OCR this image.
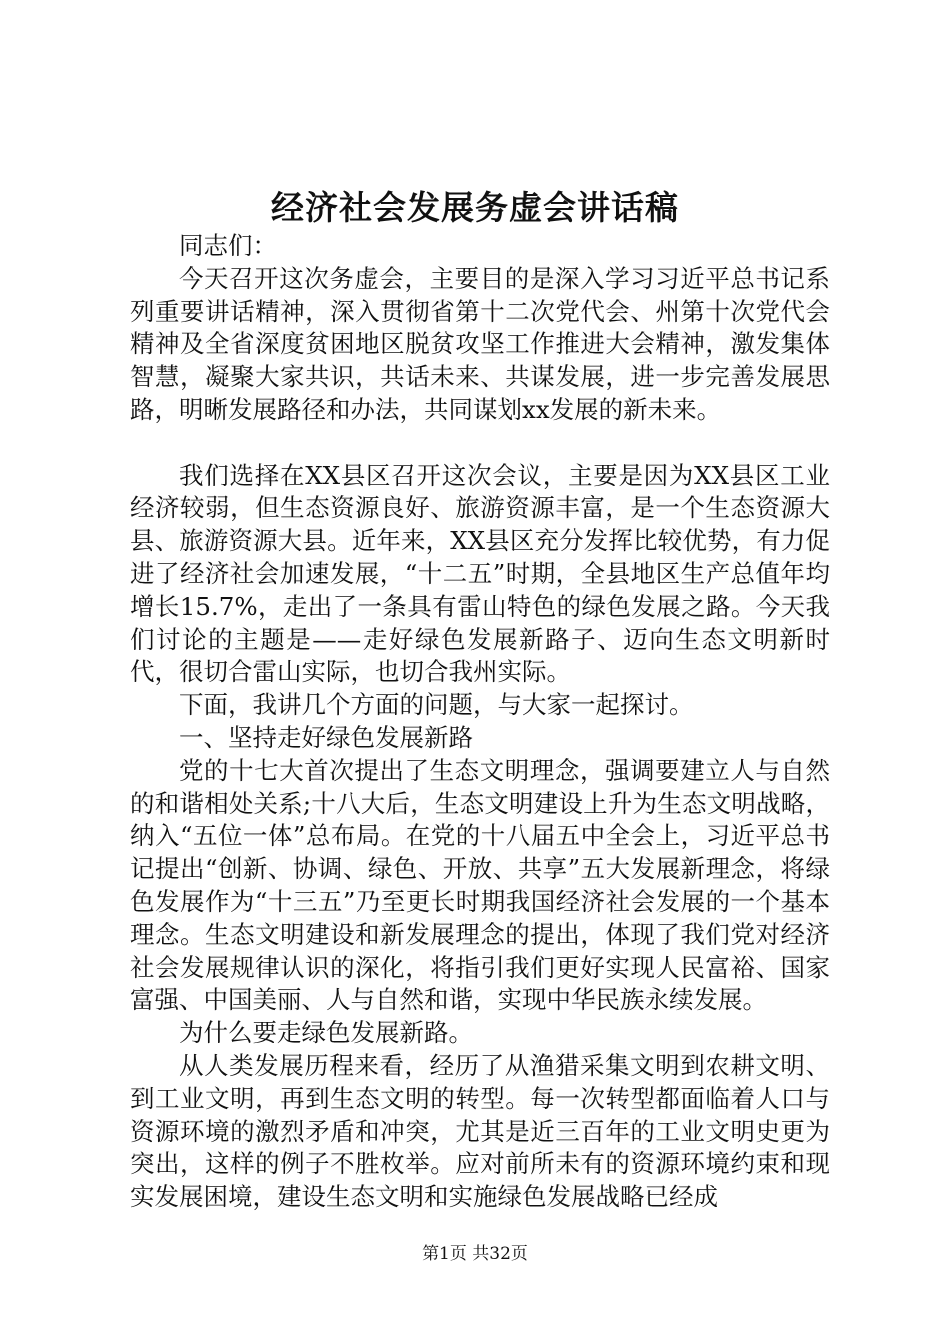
经济社会发展务虚会讲话稿

同志们：

今天召开这次务虚会，主要目的是深入学习习近平总书记系列重要讲话精神，深入贯彻省第十二次党代会、州第十次党代会精神及全省深度贫困地区脱贫攻坚工作推进大会精神，激发集体智慧，凝聚大家共识，共话未来、共谋发展，进一步完善发展思路，明晰发展路径和办法，共同谋划xx发展的新未来。

我们选择在XX县区召开这次会议，主要是因为XX县区工业经济较弱，但生态资源良好、旅游资源丰富，是一个生态资源大县、旅游资源大县。近年来，XX县区充分发挥比较优势，有力促进了经济社会加速发展，“十二五”时期，全县地区生产总值年均增长15.7%，走出了一条具有雷山特色的绿色发展之路。今天我们讨论的主题是——走好绿色发展新路子、迈向生态文明新时代，很切合雷山实际，也切合我州实际。

下面，我讲几个方面的问题，与大家一起探讨。

一、坚持走好绿色发展新路

党的十七大首次提出了生态文明理念，强调要建立人与自然的和谐相处关系;十八大后，生态文明建设上升为生态文明战略，纳入“五位一体”总布局。在党的十八届五中全会上，习近平总书记提出“创新、协调、绿色、开放、共享”五大发展新理念，将绿色发展作为“十三五”乃至更长时期我国经济社会发展的一个基本理念。生态文明建设和新发展理念的提出，体现了我们党对经济社会发展规律认识的深化，将指引我们更好实现人民富裕、国家富强、中国美丽、人与自然和谐，实现中华民族永续发展。

为什么要走绿色发展新路。

从人类发展历程来看，经历了从渔猎采集文明到农耕文明、到工业文明，再到生态文明的转型。每一次转型都面临着人口与资源环境的激烈矛盾和冲突，尤其是近三百年的工业文明史更为突出，这样的例子不胜枚举。应对前所未有的资源环境约束和现实发展困境，建设生态文明和实施绿色发展战略已经成

第1页 共32页
